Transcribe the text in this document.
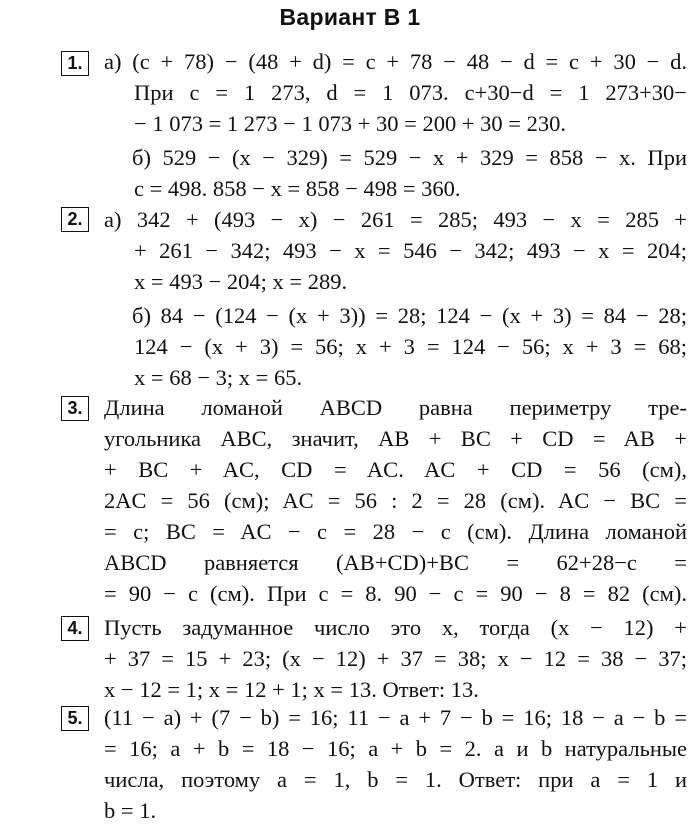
Вариант В 1
1. а) (c + 78) − (48 + d) = c + 78 − 48 − d = c + 30 − d.
При c = 1 273, d = 1 073. c+30−d = 1 273+30−
− 1 073 = 1 273 − 1 073 + 30 = 200 + 30 = 230.
б) 529 − (x − 329) = 529 − x + 329 = 858 − x. При
c = 498. 858 − x = 858 − 498 = 360.
2. а) 342 + (493 − x) − 261 = 285; 493 − x = 285 +
+ 261 − 342; 493 − x = 546 − 342; 493 − x = 204;
x = 493 − 204; x = 289.
б) 84 − (124 − (x + 3)) = 28; 124 − (x + 3) = 84 − 28;
124 − (x + 3) = 56; x + 3 = 124 − 56; x + 3 = 68;
x = 68 − 3; x = 65.
3. Длина ломаной ABCD равна периметру тре-
угольника ABC, значит, AB + BC + CD = AB +
+ BC + AC, CD = AC. AC + CD = 56 (см),
2AC = 56 (см); AC = 56 : 2 = 28 (см). AC − BC =
= c; BC = AC − c = 28 − c (см). Длина ломаной
ABCD равняется (AB+CD)+BC = 62+28−c =
= 90 − c (см). При c = 8. 90 − c = 90 − 8 = 82 (см).
4. Пусть задуманное число это x, тогда (x − 12) +
+ 37 = 15 + 23; (x − 12) + 37 = 38; x − 12 = 38 − 37;
x − 12 = 1; x = 12 + 1; x = 13. Ответ: 13.
5. (11 − a) + (7 − b) = 16; 11 − a + 7 − b = 16; 18 − a − b =
= 16; a + b = 18 − 16; a + b = 2. a и b натуральные
числа, поэтому a = 1, b = 1. Ответ: при a = 1 и
b = 1.
